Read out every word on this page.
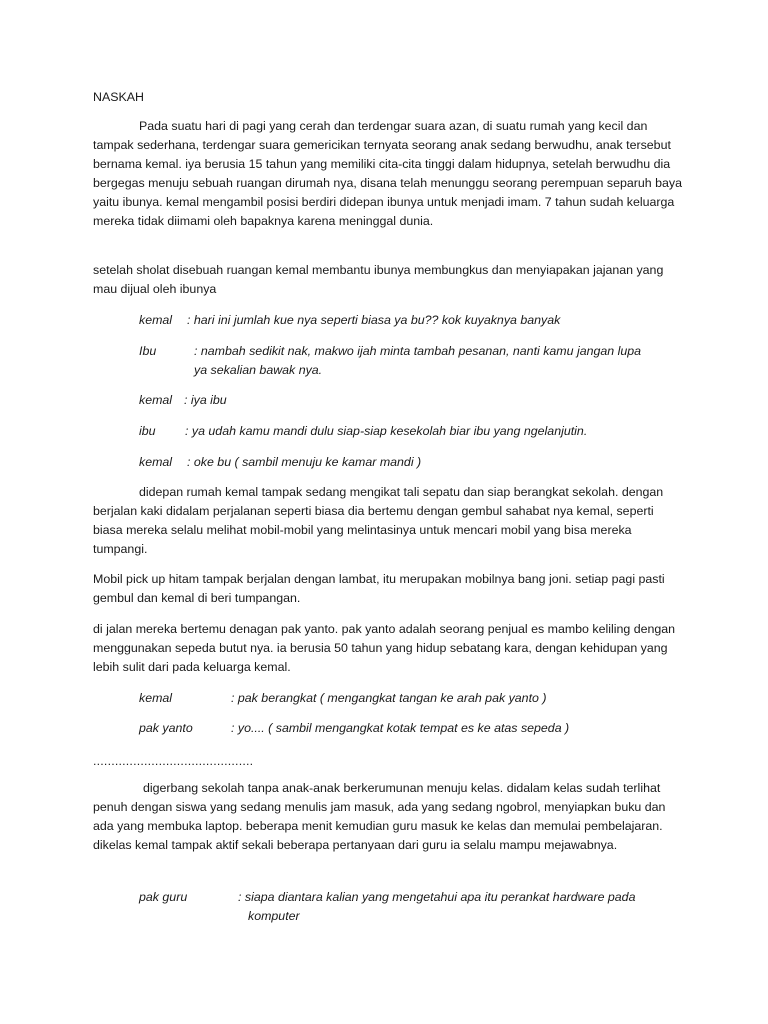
NASKAH

Pada suatu hari di pagi yang cerah dan terdengar suara azan, di suatu rumah yang kecil dan tampak sederhana, terdengar suara gemericikan ternyata seorang anak sedang berwudhu, anak tersebut bernama kemal. iya berusia 15 tahun yang memiliki cita-cita tinggi dalam hidupnya, setelah berwudhu dia bergegas menuju sebuah ruangan dirumah nya, disana telah menunggu seorang perempuan separuh baya yaitu ibunya. kemal mengambil posisi berdiri didepan ibunya untuk menjadi imam. 7 tahun sudah keluarga mereka tidak diimami oleh bapaknya karena meninggal dunia.

setelah sholat disebuah ruangan kemal membantu ibunya membungkus dan menyiapakan jajanan yang mau dijual oleh ibunya

kemal : hari ini jumlah kue nya seperti biasa ya bu?? kok kuyaknya banyak
Ibu	: nambah sedikit nak, makwo ijah minta tambah pesanan, nanti kamu jangan lupa
ya sekalian bawak nya.
kemal : iya ibu
ibu : ya udah kamu mandi dulu siap-siap kesekolah biar ibu yang ngelanjutin.
kemal : oke bu ( sambil menuju ke kamar mandi )

didepan rumah kemal tampak sedang mengikat tali sepatu dan siap berangkat sekolah. dengan berjalan kaki didalam perjalanan seperti biasa dia bertemu dengan gembul sahabat nya kemal, seperti biasa mereka selalu melihat mobil-mobil yang melintasinya untuk mencari mobil yang bisa mereka tumpangi.

Mobil pick up hitam tampak berjalan dengan lambat, itu merupakan mobilnya bang joni. setiap pagi pasti gembul dan kemal di beri tumpangan.

di jalan mereka bertemu denagan pak yanto. pak yanto adalah seorang penjual es mambo keliling dengan menggunakan sepeda butut nya. ia berusia 50 tahun yang hidup sebatang kara, dengan kehidupan yang lebih sulit dari pada keluarga kemal.

kemal	: pak berangkat ( mengangkat tangan ke arah pak yanto )
pak yanto	: yo.... ( sambil mengangkat kotak tempat es ke atas sepeda )
............................................

digerbang sekolah tanpa anak-anak berkerumunan menuju kelas. didalam kelas sudah terlihat penuh dengan siswa yang sedang menulis jam masuk, ada yang sedang ngobrol, menyiapkan buku dan ada yang membuka laptop. beberapa menit kemudian guru masuk ke kelas dan memulai pembelajaran. dikelas kemal tampak aktif sekali beberapa pertanyaan dari guru ia selalu mampu mejawabnya.

pak guru	: siapa diantara kalian yang mengetahui apa itu perankat hardware pada
komputer
